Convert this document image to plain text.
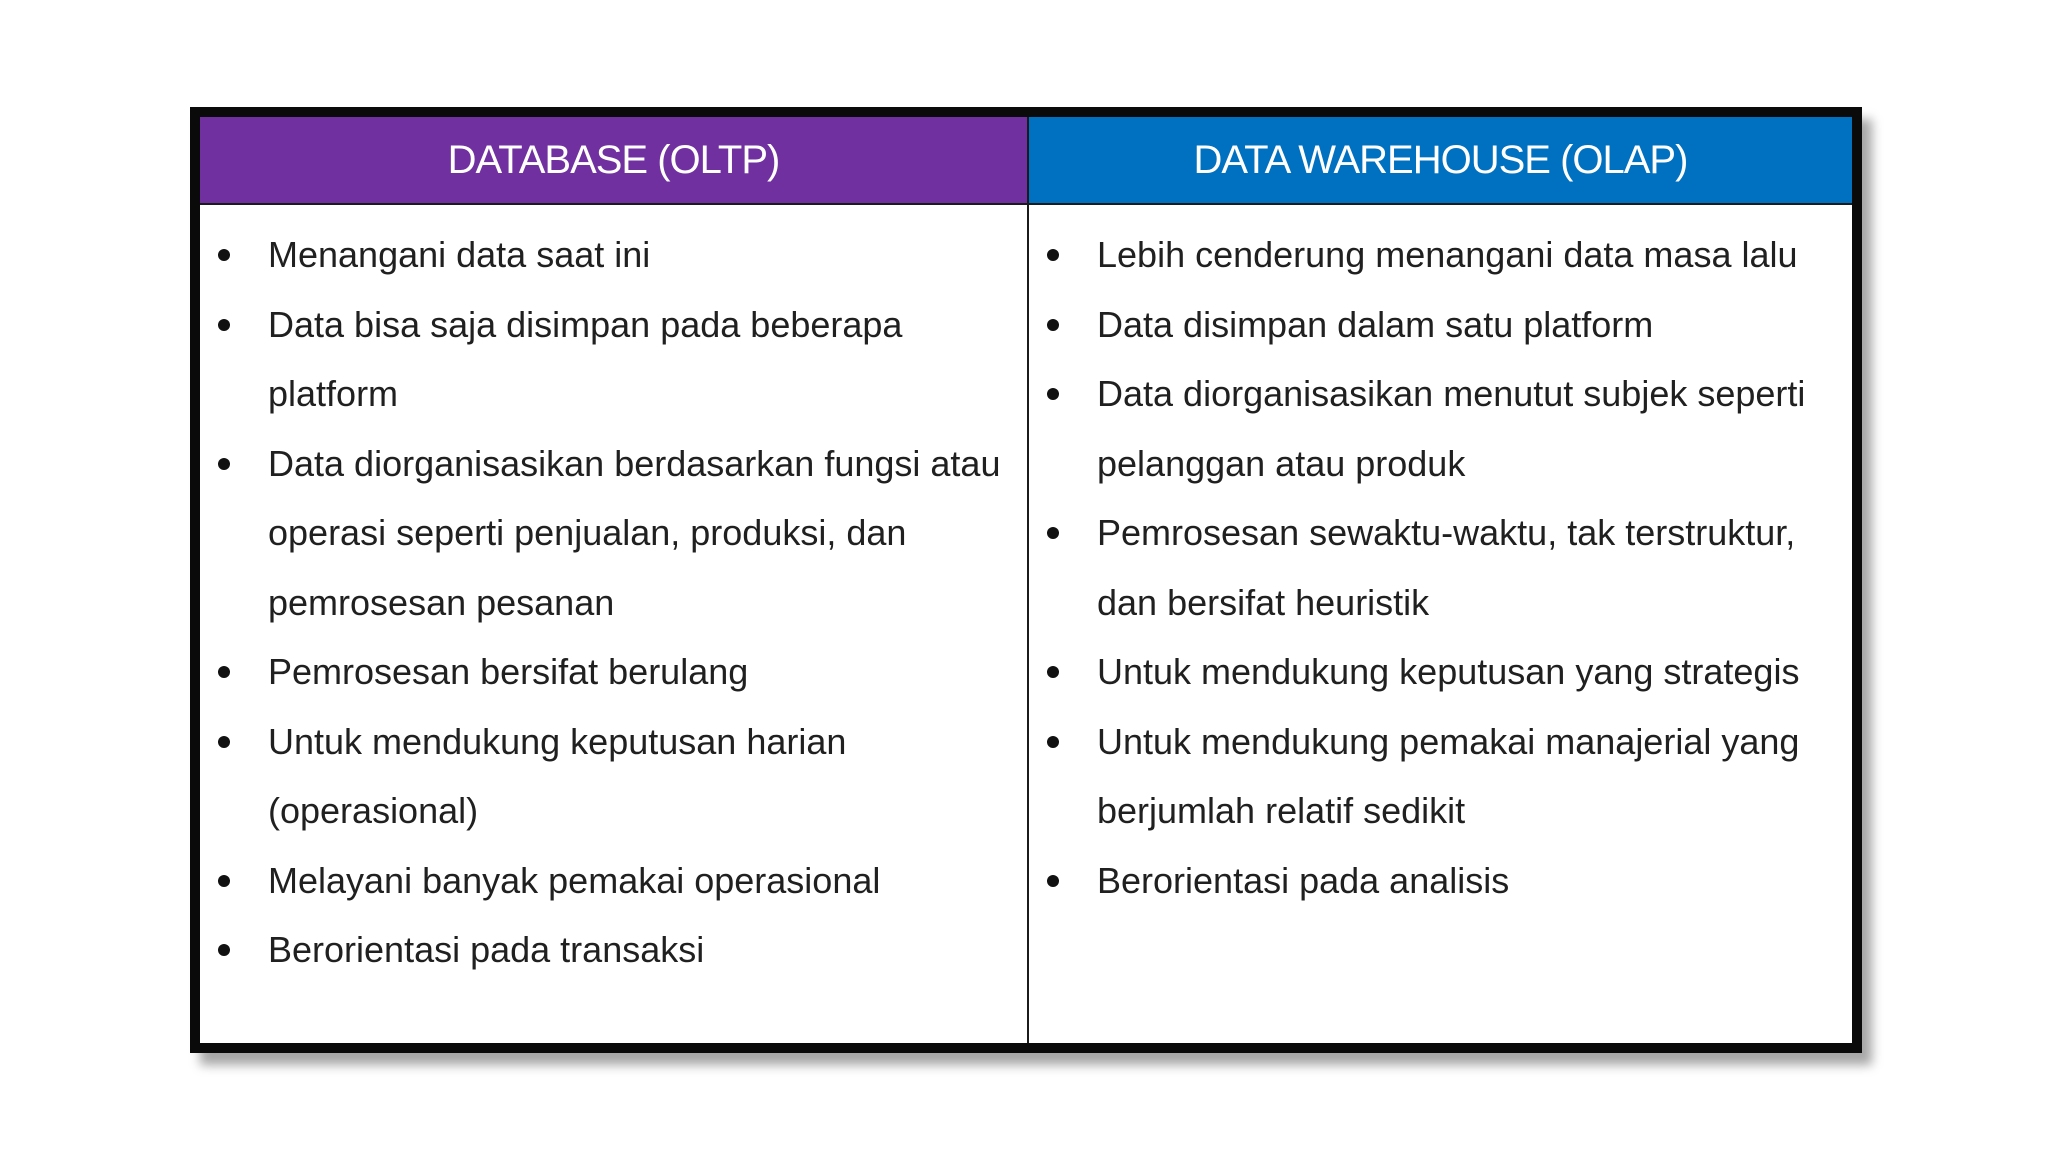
DATABASE (OLTP)	DATA WAREHOUSE (OLAP)
Menangani data saat ini
Data bisa saja disimpan pada beberapa platform
Data diorganisasikan berdasarkan fungsi atau operasi seperti penjualan, produksi, dan pemrosesan pesanan
Pemrosesan bersifat berulang
Untuk mendukung keputusan harian (operasional)
Melayani banyak pemakai operasional
Berorientasi pada transaksi
Lebih cenderung menangani data masa lalu
Data disimpan dalam satu platform
Data diorganisasikan menutut subjek seperti pelanggan atau produk
Pemrosesan sewaktu-waktu, tak terstruktur, dan bersifat heuristik
Untuk mendukung keputusan yang strategis
Untuk mendukung pemakai manajerial yang berjumlah relatif sedikit
Berorientasi pada analisis
